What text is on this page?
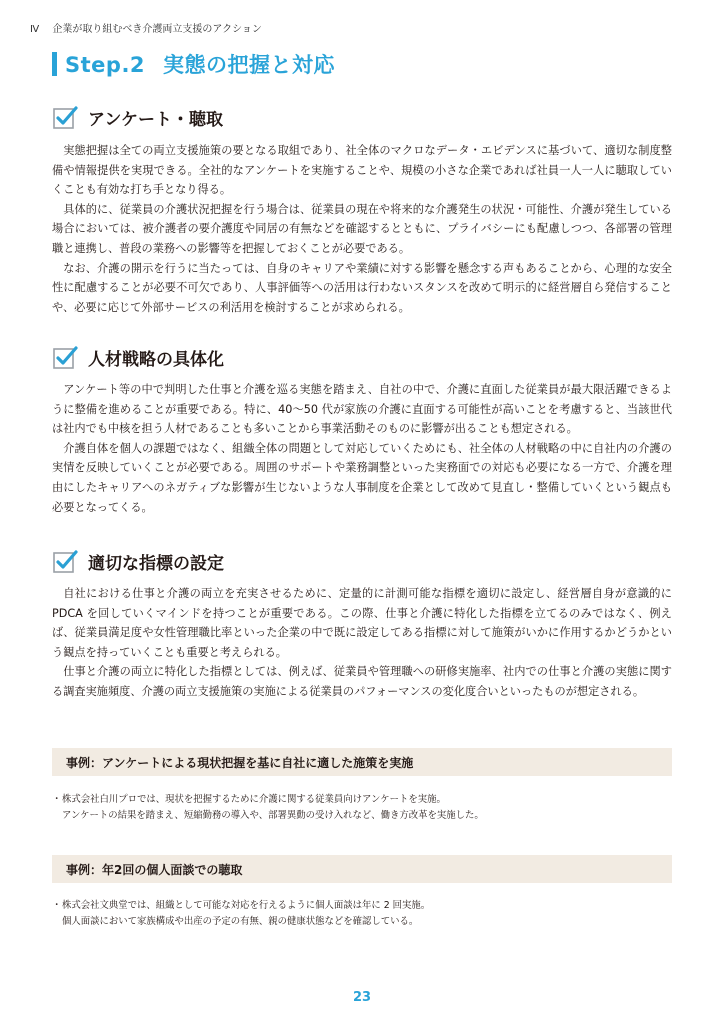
Ⅳ 企業が取り組むべき介護両立支援のアクション
Step.2 実態の把握と対応
アンケート・聴取

実態把握は全ての両立支援施策の要となる取組であり、社全体のマクロなデータ・エビデンスに基づいて、適切な制度整備や情報提供を実現できる。全社的なアンケートを実施することや、規模の小さな企業であれば社員一人一人に聴取していくことも有効な打ち手となり得る。

具体的に、従業員の介護状況把握を行う場合は、従業員の現在や将来的な介護発生の状況・可能性、介護が発生している場合においては、被介護者の要介護度や同居の有無などを確認するとともに、プライバシーにも配慮しつつ、各部署の管理職と連携し、普段の業務への影響等を把握しておくことが必要である。

なお、介護の開示を行うに当たっては、自身のキャリアや業績に対する影響を懸念する声もあることから、心理的な安全性に配慮することが必要不可欠であり、人事評価等への活用は行わないスタンスを改めて明示的に経営層自ら発信することや、必要に応じて外部サービスの利活用を検討することが求められる。

人材戦略の具体化

アンケート等の中で判明した仕事と介護を巡る実態を踏まえ、自社の中で、介護に直面した従業員が最大限活躍できるように整備を進めることが重要である。特に、40～50 代が家族の介護に直面する可能性が高いことを考慮すると、当該世代は社内でも中核を担う人材であることも多いことから事業活動そのものに影響が出ることも想定される。

介護自体を個人の課題ではなく、組織全体の問題として対応していくためにも、社全体の人材戦略の中に自社内の介護の実情を反映していくことが必要である。周囲のサポートや業務調整といった実務面での対応も必要になる一方で、介護を理由にしたキャリアへのネガティブな影響が生じないような人事制度を企業として改めて見直し・整備していくという観点も必要となってくる。

適切な指標の設定

自社における仕事と介護の両立を充実させるために、定量的に計測可能な指標を適切に設定し、経営層自身が意識的にPDCA を回していくマインドを持つことが重要である。この際、仕事と介護に特化した指標を立てるのみではなく、例えば、従業員満足度や女性管理職比率といった企業の中で既に設定してある指標に対して施策がいかに作用するかどうかという観点を持っていくことも重要と考えられる。

仕事と介護の両立に特化した指標としては、例えば、従業員や管理職への研修実施率、社内での仕事と介護の実態に関する調査実施頻度、介護の両立支援施策の実施による従業員のパフォーマンスの変化度合いといったものが想定される。

事例：アンケートによる現状把握を基に自社に適した施策を実施
・ 株式会社白川プロでは、現状を把握するために介護に関する従業員向けアンケートを実施。
アンケートの結果を踏まえ、短縮勤務の導入や、部署異動の受け入れなど、働き方改革を実施した。
事例：年2回の個人面談での聴取
・ 株式会社文典堂では、組織として可能な対応を行えるように個人面談は年に 2 回実施。
個人面談において家族構成や出産の予定の有無、親の健康状態などを確認している。
23
